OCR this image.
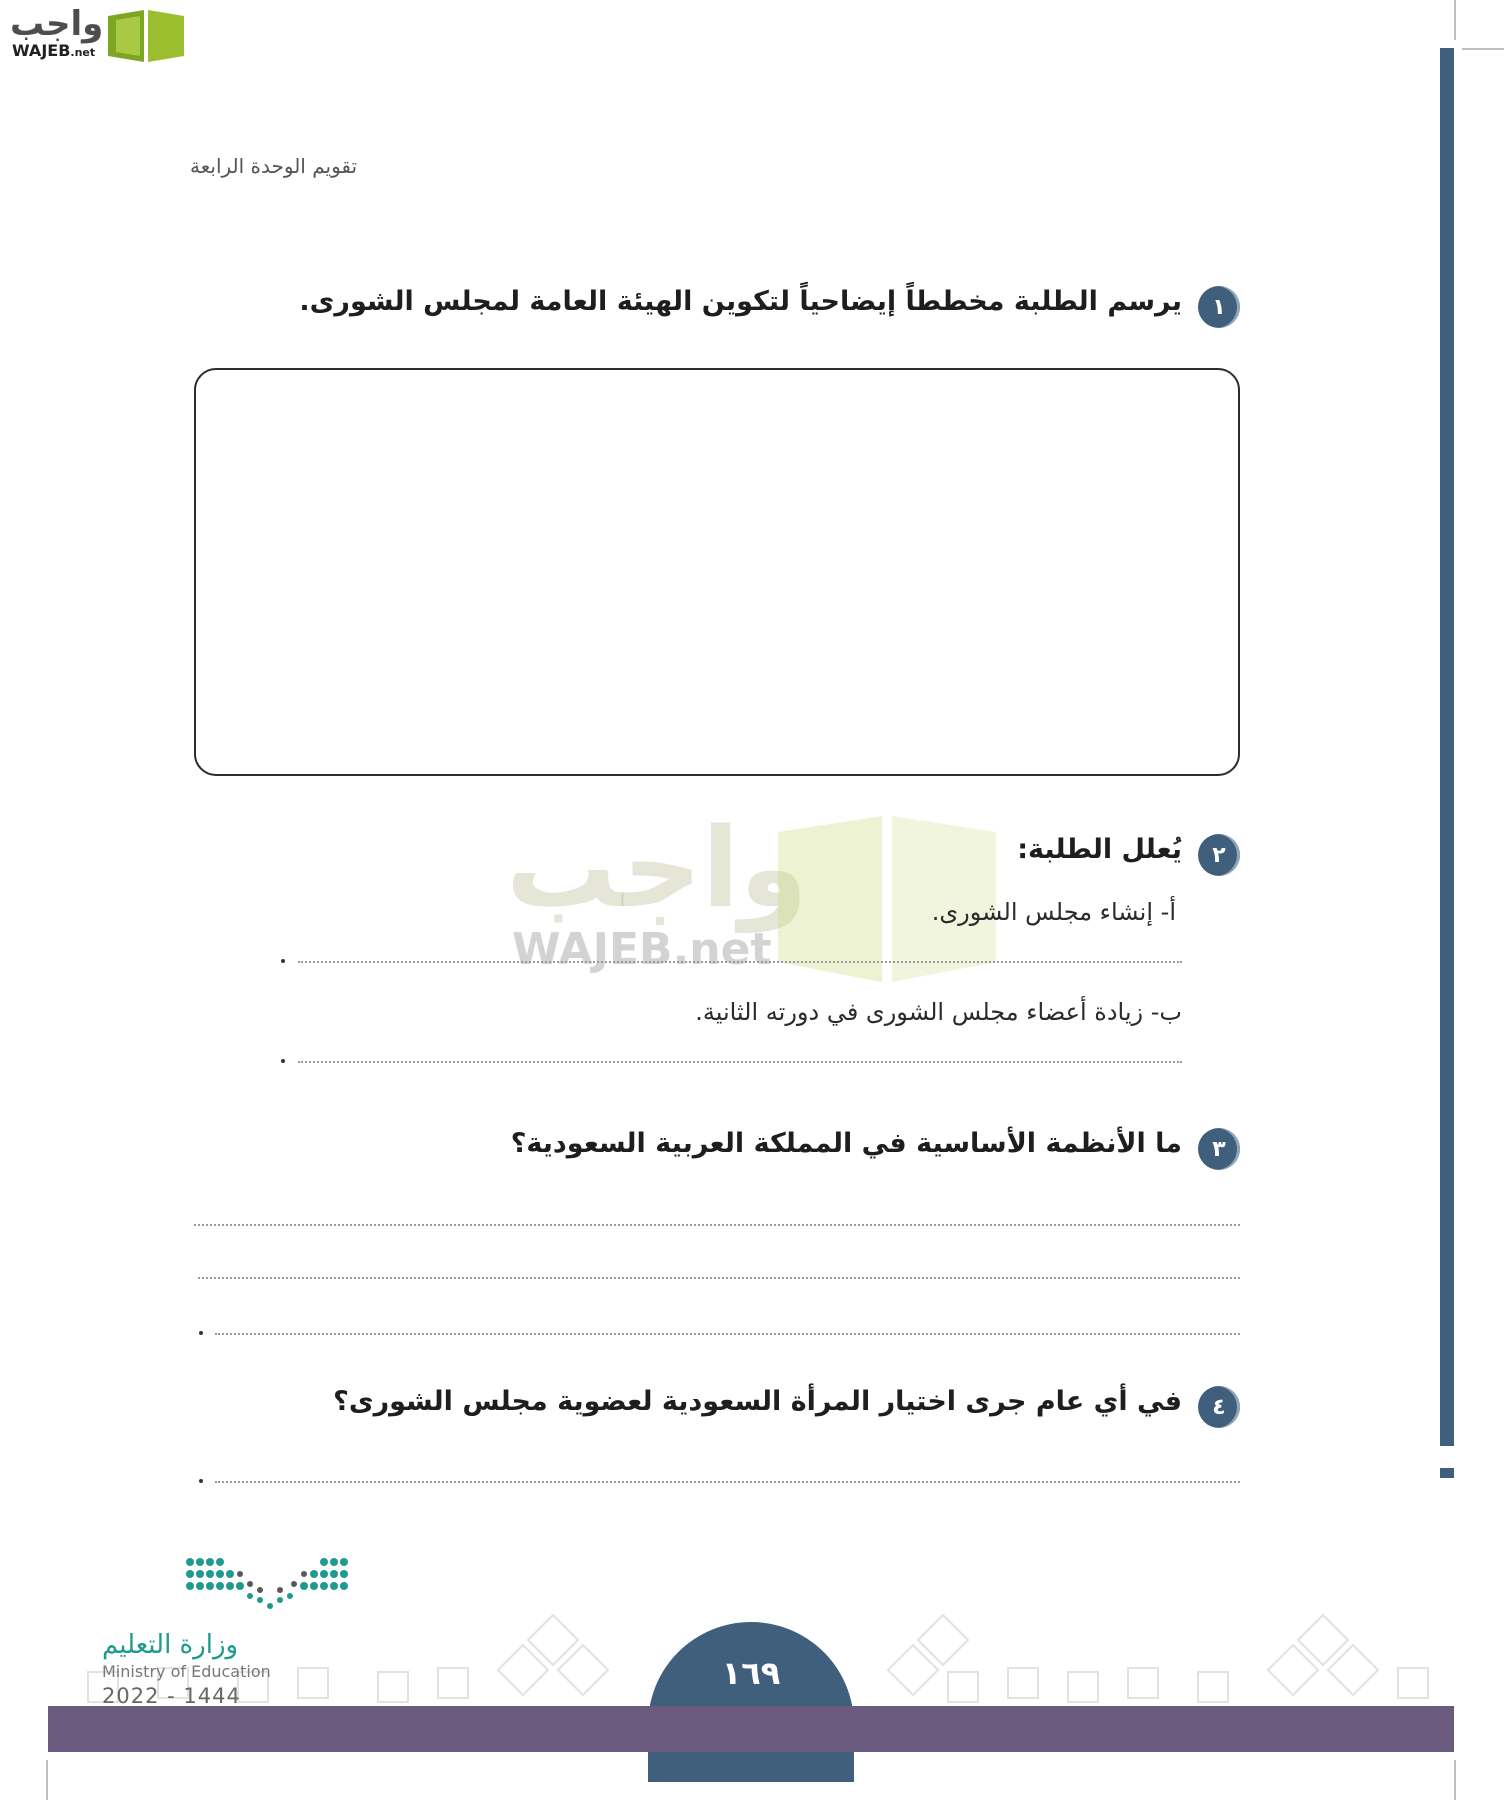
واجب
WAJEB.net
تقويم الوحدة الرابعة
واجب
WAJEB.net
١
يرسم الطلبة مخططاً إيضاحياً لتكوين الهيئة العامة لمجلس الشورى.
٢
يُعلل الطلبة:
أ- إنشاء مجلس الشورى.
ب- زيادة أعضاء مجلس الشورى في دورته الثانية.
٣
ما الأنظمة الأساسية في المملكة العربية السعودية؟
٤
في أي عام جرى اختيار المرأة السعودية لعضوية مجلس الشورى؟
١٦٩
وزارة التعليم
Ministry of Education
2022 - 1444
